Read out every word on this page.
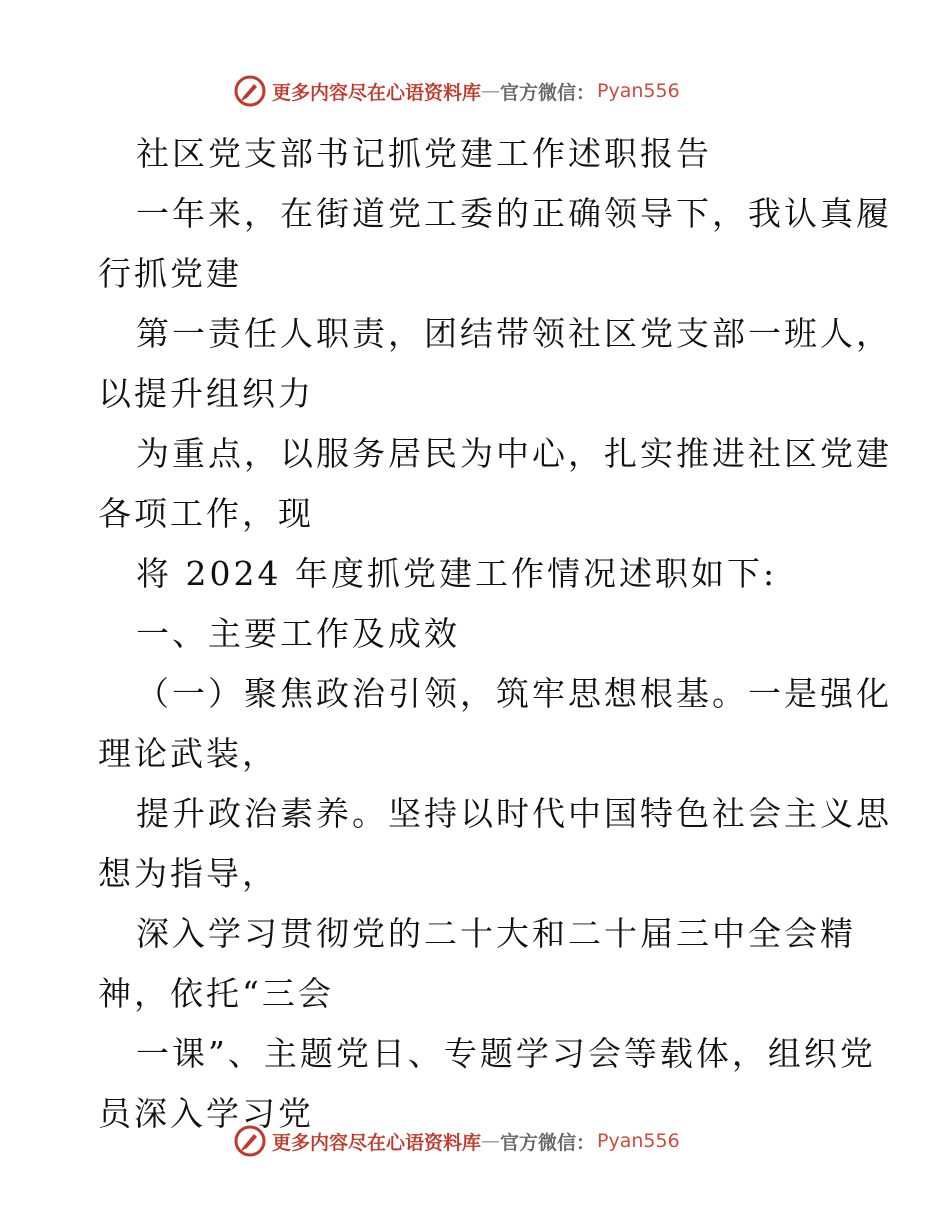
更多内容尽在心语资料库 — 官方微信： Pyan556
社区党支部书记抓党建工作述职报告
一年来，在街道党工委的正确领导下，我认真履
行抓党建
第一责任人职责，团结带领社区党支部一班人，
以提升组织力
为重点，以服务居民为中心，扎实推进社区党建
各项工作，现
将 2024 年度抓党建工作情况述职如下:
一、主要工作及成效
（一）聚焦政治引领，筑牢思想根基。一是强化
理论武装，
提升政治素养。坚持以时代中国特色社会主义思
想为指导，
深入学习贯彻党的二十大和二十届三中全会精
神，依托“三会
一课”、主题党日、专题学习会等载体，组织党
员深入学习党
更多内容尽在心语资料库 — 官方微信： Pyan556
